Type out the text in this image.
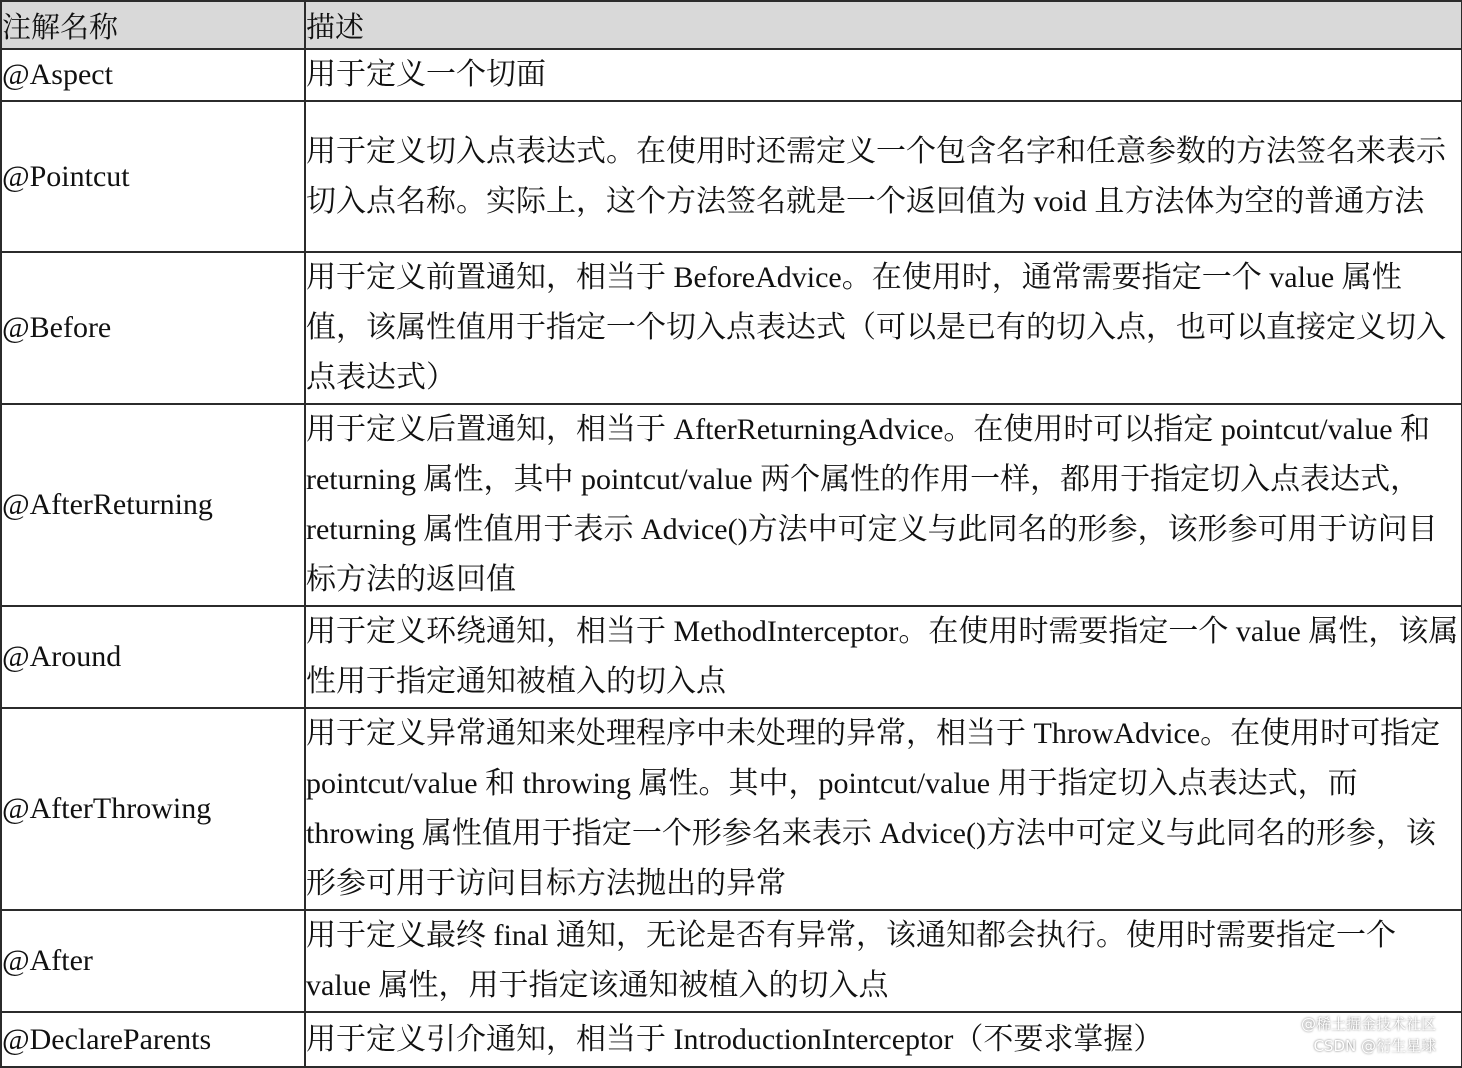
注解名称	描述
@Aspect	用于定义一个切面
@Pointcut	用于定义切入点表达式。在使用时还需定义一个包含名字和任意参数的方法签名来表示切入点名称。实际上，这个方法签名就是一个返回值为 void 且方法体为空的普通方法
@Before	用于定义前置通知，相当于 BeforeAdvice。在使用时，通常需要指定一个 value 属性值，该属性值用于指定一个切入点表达式（可以是已有的切入点，也可以直接定义切入点表达式）
@AfterReturning	用于定义后置通知，相当于 AfterReturningAdvice。在使用时可以指定 pointcut/value 和 returning 属性，其中 pointcut/value 两个属性的作用一样，都用于指定切入点表达式，returning 属性值用于表示 Advice()方法中可定义与此同名的形参，该形参可用于访问目标方法的返回值
@Around	用于定义环绕通知，相当于 MethodInterceptor。在使用时需要指定一个 value 属性，该属性用于指定通知被植入的切入点
@AfterThrowing	用于定义异常通知来处理程序中未处理的异常，相当于 ThrowAdvice。在使用时可指定 pointcut/value 和 throwing 属性。其中，pointcut/value 用于指定切入点表达式，而 throwing 属性值用于指定一个形参名来表示 Advice()方法中可定义与此同名的形参，该形参可用于访问目标方法抛出的异常
@After	用于定义最终 final 通知，无论是否有异常，该通知都会执行。使用时需要指定一个 value 属性，用于指定该通知被植入的切入点
@DeclareParents	用于定义引介通知，相当于 IntroductionInterceptor（不要求掌握）	@稀土掘金技术社区
CSDN @衍生星球
